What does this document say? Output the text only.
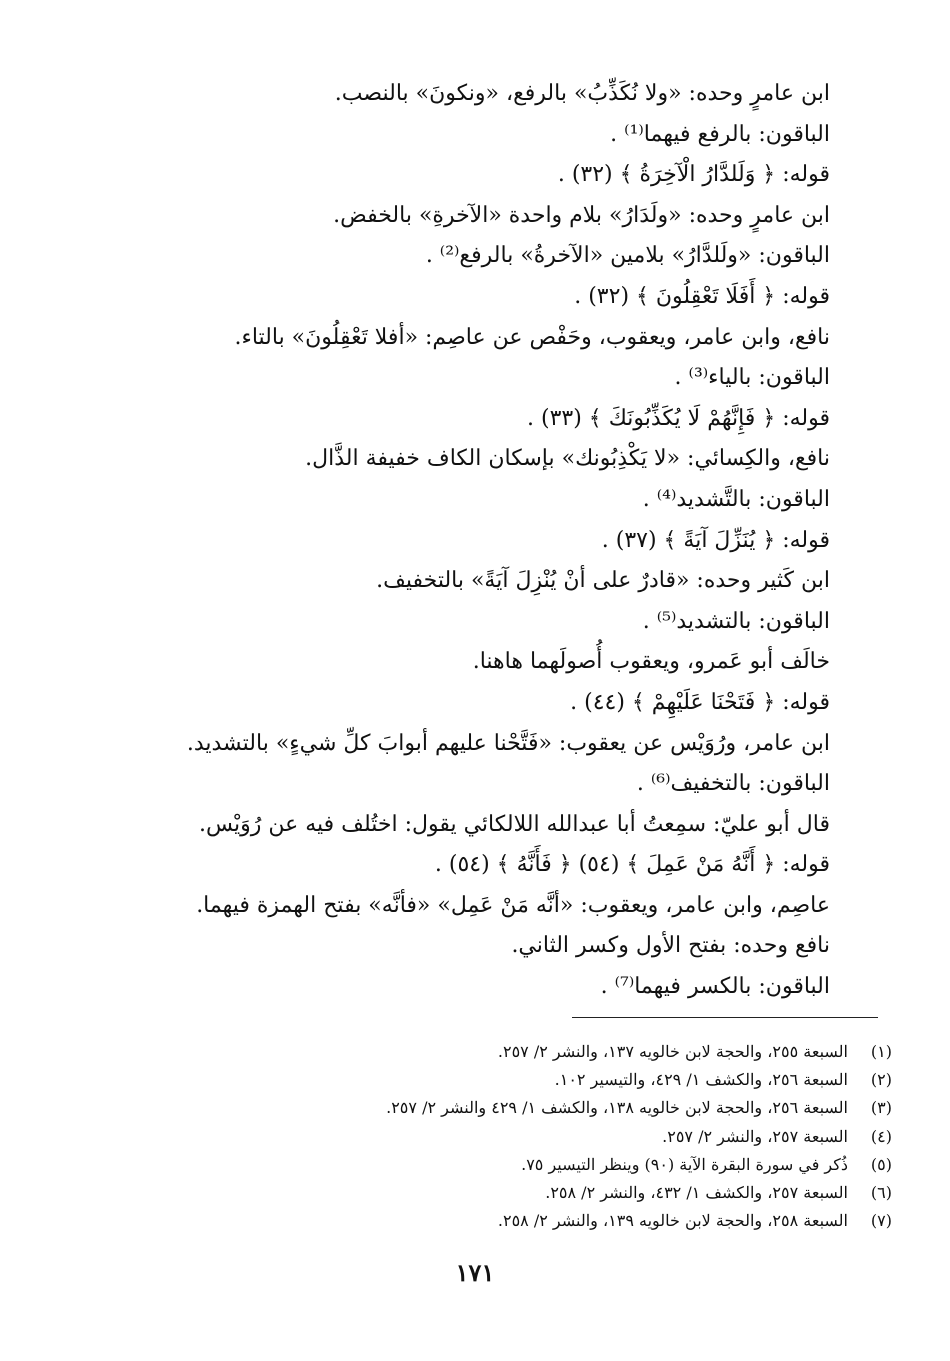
ابن عامرٍ وحده: «ولا نُكَذِّبُ» بالرفع، «ونكونَ» بالنصب.
الباقون: بالرفع فيهما⁽¹⁾ .
قوله: ﴿ وَلَلدَّارُ الْآخِرَةُ ﴾ (٣٢) .
ابن عامرٍ وحده: «ولَدَارُ» بلام واحدة «الآخرةِ» بالخفض.
الباقون: «ولَلدَّارُ» بلامين «الآخرةُ» بالرفع⁽²⁾ .
قوله: ﴿ أَفَلَا تَعْقِلُونَ ﴾ (٣٢) .
نافع، وابن عامر، ويعقوب، وحَفْص عن عاصِم: «أفلا تَعْقِلُونَ» بالتاء.
الباقون: بالياء⁽³⁾ .
قوله: ﴿ فَإِنَّهُمْ لَا يُكَذِّبُونَكَ ﴾ (٣٣) .
نافع، والكِسائي: «لا يَكْذِبُونك» بإسكان الكاف خفيفة الذَّال.
الباقون: بالتَّشديد⁽⁴⁾ .
قوله: ﴿ يُنَزِّلَ آيَةً ﴾ (٣٧) .
ابن كَثير وحده: «قادرٌ على أنْ يُنْزِلَ آيَةً» بالتخفيف.
الباقون: بالتشديد⁽⁵⁾ .
خالَف أبو عَمرو، ويعقوب أُصولَهما هاهنا.
قوله: ﴿ فَتَحْنَا عَلَيْهِمْ ﴾ (٤٤) .
ابن عامر، ورُوَيْس عن يعقوب: «فَتَّحْنا عليهم أبوابَ كلِّ شيءٍ» بالتشديد.
الباقون: بالتخفيف⁽⁶⁾ .
قال أبو عليّ: سمِعتُ أبا عبدالله اللالكائي يقول: اختُلف فيه عن رُوَيْس.
قوله: ﴿ أَنَّهُ مَنْ عَمِلَ ﴾ (٥٤) ﴿ فَأَنَّهُ ﴾ (٥٤) .
عاصِم، وابن عامر، ويعقوب: «أنَّه مَنْ عَمِل» «فأنَّه» بفتح الهمزة فيهما.
نافع وحده: بفتح الأول وكسر الثاني.
الباقون: بالكسر فيهما⁽⁷⁾ .
(١)
السبعة ٢٥٥، والحجة لابن خالويه ١٣٧، والنشر ٢/ ٢٥٧.
(٢)
السبعة ٢٥٦، والكشف ١/ ٤٢٩، والتيسير ١٠٢.
(٣)
السبعة ٢٥٦، والحجة لابن خالويه ١٣٨، والكشف ١/ ٤٢٩ والنشر ٢/ ٢٥٧.
(٤)
السبعة ٢٥٧، والنشر ٢/ ٢٥٧.
(٥)
ذُكر في سورة البقرة الآية (٩٠) وينظر التيسير ٧٥.
(٦)
السبعة ٢٥٧، والكشف ١/ ٤٣٢، والنشر ٢/ ٢٥٨.
(٧)
السبعة ٢٥٨، والحجة لابن خالويه ١٣٩، والنشر ٢/ ٢٥٨.
١٧١
